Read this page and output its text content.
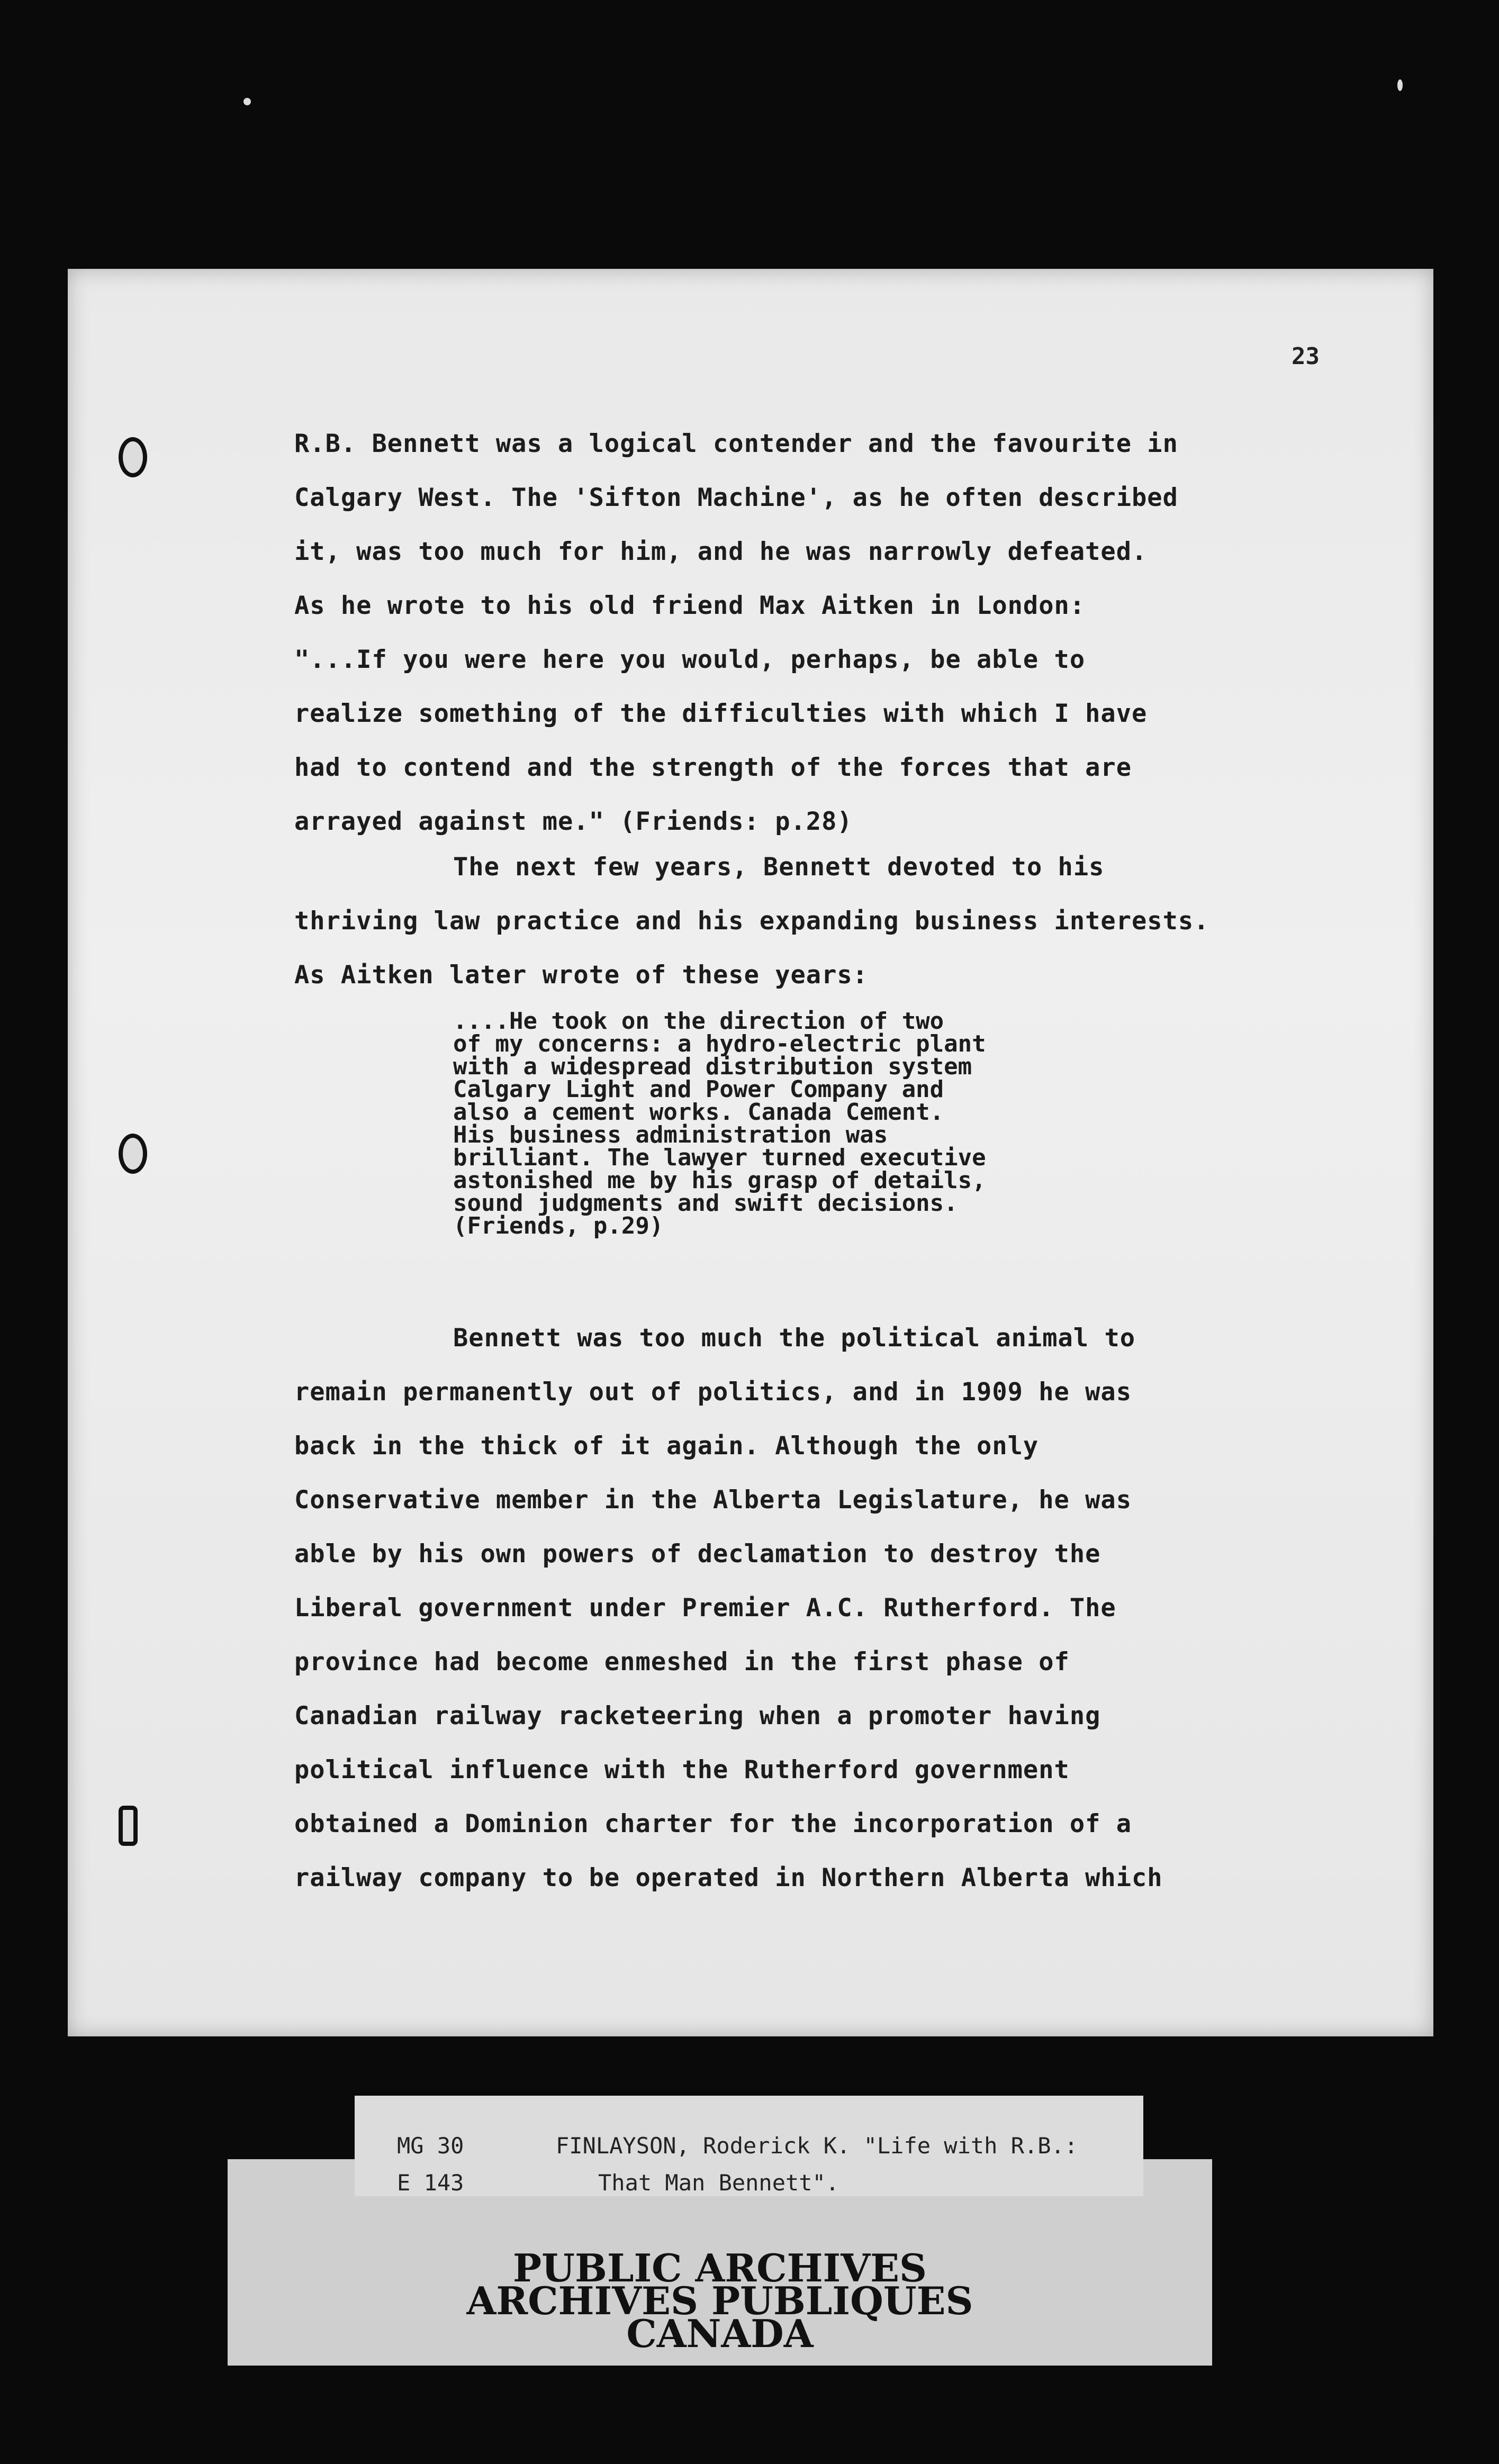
23
R.B. Bennett was a logical contender and the favourite in
Calgary West. The 'Sifton Machine', as he often described
it, was too much for him, and he was narrowly defeated.
As he wrote to his old friend Max Aitken in London:
"...If you were here you would, perhaps, be able to
realize something of the difficulties with which I have
had to contend and the strength of the forces that are
arrayed against me." (Friends: p.28)
The next few years, Bennett devoted to his
thriving law practice and his expanding business interests.
As Aitken later wrote of these years:
....He took on the direction of two
of my concerns: a hydro-electric plant
with a widespread distribution system
Calgary Light and Power Company and
also a cement works. Canada Cement.
His business administration was
brilliant. The lawyer turned executive
astonished me by his grasp of details,
sound judgments and swift decisions.
(Friends, p.29)
Bennett was too much the political animal to
remain permanently out of politics, and in 1909 he was
back in the thick of it again. Although the only
Conservative member in the Alberta Legislature, he was
able by his own powers of declamation to destroy the
Liberal government under Premier A.C. Rutherford. The
province had become enmeshed in the first phase of
Canadian railway racketeering when a promoter having
political influence with the Rutherford government
obtained a Dominion charter for the incorporation of a
railway company to be operated in Northern Alberta which
PUBLIC ARCHIVES
ARCHIVES PUBLIQUES
CANADA
MG 30
E 143
FINLAYSON, Roderick K. "Life with R.B.:
That Man Bennett".
